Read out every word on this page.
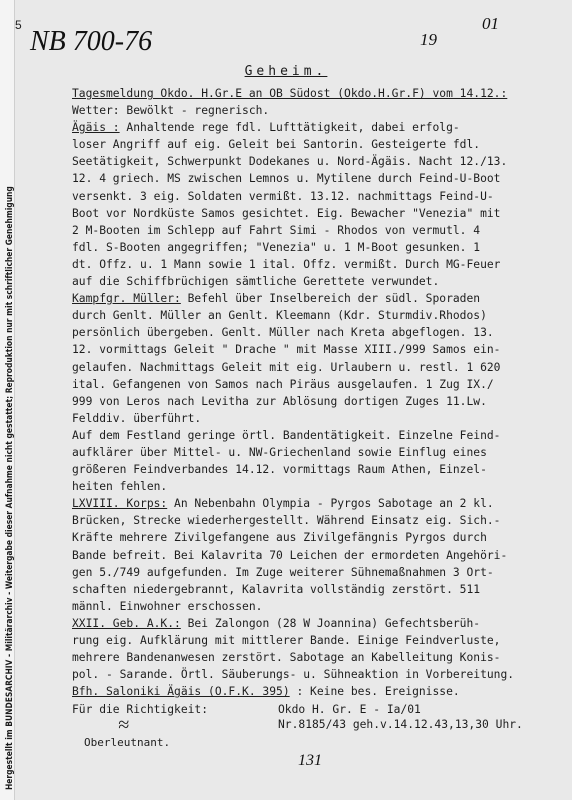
Hergestellt im BUNDESARCHIV - Militärarchiv - Weitergabe dieser Aufnahme nicht gestattet; Reproduktion nur mit schriftlicher Genehmigung
5
NB 700-76	19
01
Geheim.
Tagesmeldung Okdo. H.Gr.E an OB Südost (Okdo.H.Gr.F) vom 14.12.:
Wetter: Bewölkt - regnerisch.
Ägäis : Anhaltende rege fdl. Lufttätigkeit, dabei erfolg-
loser Angriff auf eig. Geleit bei Santorin. Gesteigerte fdl.
Seetätigkeit, Schwerpunkt Dodekanes u. Nord-Ägäis. Nacht 12./13.
12. 4 griech. MS zwischen Lemnos u. Mytilene durch Feind-U-Boot
versenkt. 3 eig. Soldaten vermißt. 13.12. nachmittags Feind-U-
Boot vor Nordküste Samos gesichtet. Eig. Bewacher "Venezia" mit
2 M-Booten im Schlepp auf Fahrt Simi - Rhodos von vermutl. 4
fdl. S-Booten angegriffen; "Venezia" u. 1 M-Boot gesunken. 1
dt. Offz. u. 1 Mann sowie 1 ital. Offz. vermißt. Durch MG-Feuer
auf die Schiffbrüchigen sämtliche Gerettete verwundet.
Kampfgr. Müller: Befehl über Inselbereich der südl. Sporaden
durch Genlt. Müller an Genlt. Kleemann (Kdr. Sturmdiv.Rhodos)
persönlich übergeben. Genlt. Müller nach Kreta abgeflogen. 13.
12. vormittags Geleit " Drache " mit Masse XIII./999 Samos ein-
gelaufen. Nachmittags Geleit mit eig. Urlaubern u. restl. 1 620
ital. Gefangenen von Samos nach Piräus ausgelaufen. 1 Zug IX./
999 von Leros nach Levitha zur Ablösung dortigen Zuges 11.Lw.
Felddiv. überführt.
Auf dem Festland geringe örtl. Bandentätigkeit. Einzelne Feind-
aufklärer über Mittel- u. NW-Griechenland sowie Einflug eines
größeren Feindverbandes 14.12. vormittags Raum Athen, Einzel-
heiten fehlen.
LXVIII. Korps: An Nebenbahn Olympia - Pyrgos Sabotage an 2 kl.
Brücken, Strecke wiederhergestellt. Während Einsatz eig. Sich.-
Kräfte mehrere Zivilgefangene aus Zivilgefängnis Pyrgos durch
Bande befreit. Bei Kalavrita 70 Leichen der ermordeten Angehöri-
gen 5./749 aufgefunden. Im Zuge weiterer Sühnemaßnahmen 3 Ort-
schaften niedergebrannt, Kalavrita vollständig zerstört. 511
männl. Einwohner erschossen.
XXII. Geb. A.K.: Bei Zalongon (28 W Joannina) Gefechtsberüh-
rung eig. Aufklärung mit mittlerer Bande. Einige Feindverluste,
mehrere Bandenanwesen zerstört. Sabotage an Kabelleitung Konis-
pol. - Sarande. Örtl. Säuberungs- u. Sühneaktion in Vorbereitung.
Bfh. Saloniki Ägäis (O.F.K. 395) : Keine bes. Ereignisse.
Für die Richtigkeit:
≈
Oberleutnant.
Okdo H. Gr. E - Ia/01
Nr.8185/43 geh.v.14.12.43,13,30 Uhr.
131
